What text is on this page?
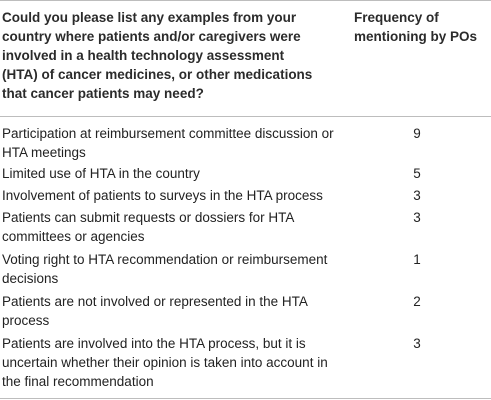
Could you please list any examples from your country where patients and/or caregivers were involved in a health technology assessment (HTA) of cancer medicines, or other medications that cancer patients may need?
Frequency of mentioning by POs
Participation at reimbursement committee discussion or HTA meetings
9
Limited use of HTA in the country	5
Involvement of patients to surveys in the HTA process	3
Patients can submit requests or dossiers for HTA committees or agencies
3
Voting right to HTA recommendation or reimbursement decisions
1
Patients are not involved or represented in the HTA process
2
Patients are involved into the HTA process, but it is uncertain whether their opinion is taken into account in the final recommendation
3
